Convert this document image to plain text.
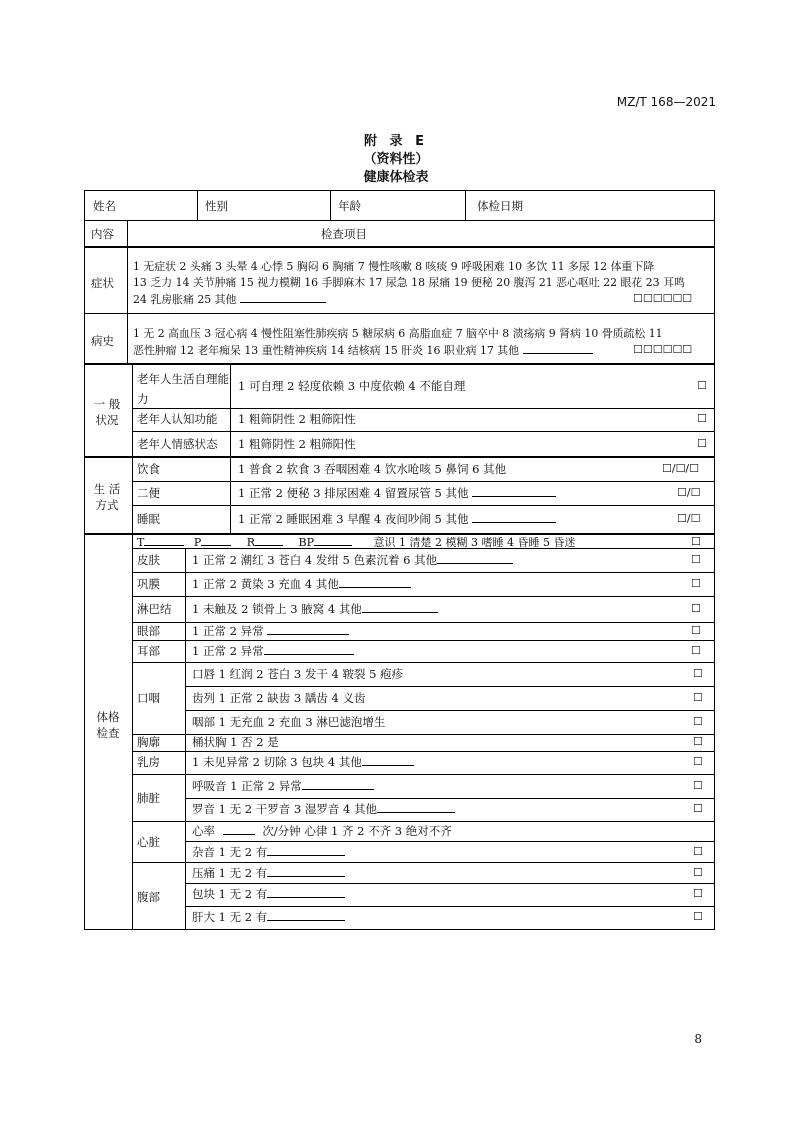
MZ/T 168—2021
附 录 E
（资料性）
健康体检表
姓名	性别	年龄	体检日期
内容	检查项目
症状
1 无症状 2 头痛 3 头晕 4 心悸 5 胸闷 6 胸痛 7 慢性咳嗽 8 咳痰 9 呼吸困难 10 多饮 11 多尿 12 体重下降
13 乏力 14 关节肿痛 15 视力模糊 16 手脚麻木 17 尿急 18 尿痛 19 便秘 20 腹泻 21 恶心呕吐 22 眼花 23 耳鸣
24 乳房胀痛 25 其他	☐☐☐☐☐☐
病史
1 无 2 高血压 3 冠心病 4 慢性阻塞性肺疾病 5 糖尿病 6 高脂血症 7 脑卒中 8 溃疡病 9 肾病 10 骨质疏松 11
恶性肿瘤 12 老年痴呆 13 重性精神疾病 14 结核病 15 肝炎 16 职业病 17 其他	☐☐☐☐☐☐
一 般 状况
老年人生活自理能力
1 可自理 2 轻度依赖 3 中度依赖 4 不能自理	☐
老年人认知功能 1 粗筛阴性 2 粗筛阳性	☐
老年人情感状态 1 粗筛阴性 2 粗筛阳性	☐
生 活 方式
饮食	1 普食 2 软食 3 吞咽困难 4 饮水呛咳 5 鼻饲 6 其他	☐/☐/☐
二便	1 正常 2 便秘 3 排尿困难 4 留置尿管 5 其他	☐/☐
睡眠	1 正常 2 睡眠困难 3 早醒 4 夜间吵闹 5 其他	☐/☐
体格 检查
T	P	R	BP	意识 1 清楚 2 模糊 3 嗜睡 4 昏睡 5 昏迷	☐
皮肤	1 正常 2 潮红 3 苍白 4 发绀 5 色素沉着 6 其他	☐
巩膜	1 正常 2 黄染 3 充血 4 其他	☐
淋巴结 1 未触及 2 锁骨上 3 腋窝 4 其他	☐
眼部	1 正常 2 异常	☐
耳部	1 正常 2 异常	☐
口咽
口唇 1 红润 2 苍白 3 发干 4 皲裂 5 疱疹	☐
齿列 1 正常 2 缺齿 3 龋齿 4 义齿	☐
咽部 1 无充血 2 充血 3 淋巴滤泡增生	☐
胸廓	桶状胸 1 否 2 是	☐
乳房	1 未见异常 2 切除 3 包块 4 其他	☐
肺脏
呼吸音 1 正常 2 异常	☐
罗音 1 无 2 干罗音 3 湿罗音 4 其他	☐
心脏
心率	次/分钟 心律 1 齐 2 不齐 3 绝对不齐
杂音 1 无 2 有	☐
腹部
压痛 1 无 2 有	☐
包块 1 无 2 有	☐
肝大 1 无 2 有	☐
8
